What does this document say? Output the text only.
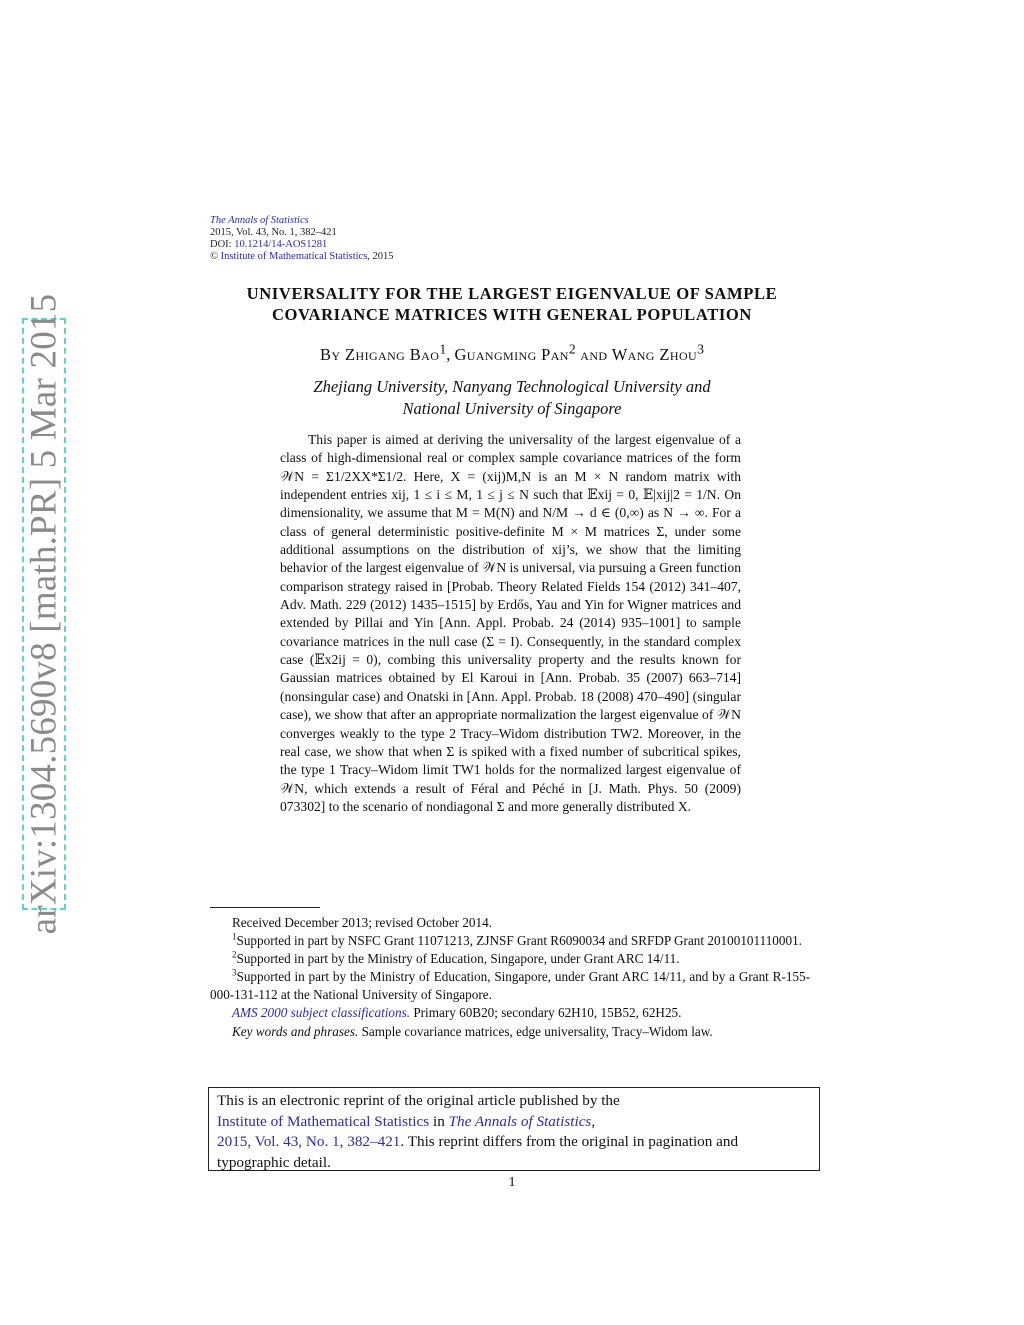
arXiv:1304.5690v8 [math.PR] 5 Mar 2015
The Annals of Statistics
2015, Vol. 43, No. 1, 382–421
DOI: 10.1214/14-AOS1281
© Institute of Mathematical Statistics, 2015
UNIVERSALITY FOR THE LARGEST EIGENVALUE OF SAMPLE
COVARIANCE MATRICES WITH GENERAL POPULATION
By Zhigang Bao$^1$, Guangming Pan$^2$ and Wang Zhou$^3$
Zhejiang University, Nanyang Technological University and
National University of Singapore
This paper is aimed at deriving the universality of the largest eigenvalue of a class of high-dimensional real or complex sample covariance matrices of the form 𝒲N = Σ1/2XX*Σ1/2. Here, X = (xij)M,N is an M × N random matrix with independent entries xij, 1 ≤ i ≤ M, 1 ≤ j ≤ N such that 𝔼xij = 0, 𝔼|xij|2 = 1/N. On dimensionality, we assume that M = M(N) and N/M → d ∈ (0,∞) as N → ∞. For a class of general deterministic positive-definite M × M matrices Σ, under some additional assumptions on the distribution of xij’s, we show that the limiting behavior of the largest eigenvalue of 𝒲N is universal, via pursuing a Green function comparison strategy raised in [Probab. Theory Related Fields 154 (2012) 341–407, Adv. Math. 229 (2012) 1435–1515] by Erdős, Yau and Yin for Wigner matrices and extended by Pillai and Yin [Ann. Appl. Probab. 24 (2014) 935–1001] to sample covariance matrices in the null case (Σ = I). Consequently, in the standard complex case (𝔼x2ij = 0), combing this universality property and the results known for Gaussian matrices obtained by El Karoui in [Ann. Probab. 35 (2007) 663–714] (nonsingular case) and Onatski in [Ann. Appl. Probab. 18 (2008) 470–490] (singular case), we show that after an appropriate normalization the largest eigenvalue of 𝒲N converges weakly to the type 2 Tracy–Widom distribution TW2. Moreover, in the real case, we show that when Σ is spiked with a fixed number of subcritical spikes, the type 1 Tracy–Widom limit TW1 holds for the normalized largest eigenvalue of 𝒲N, which extends a result of Féral and Péché in [J. Math. Phys. 50 (2009) 073302] to the scenario of nondiagonal Σ and more generally distributed X.

Received December 2013; revised October 2014.

$^1$Supported in part by NSFC Grant 11071213, ZJNSF Grant R6090034 and SRFDP Grant 20100101110001.

$^2$Supported in part by the Ministry of Education, Singapore, under Grant ARC 14/11.

$^3$Supported in part by the Ministry of Education, Singapore, under Grant ARC 14/11, and by a Grant R-155-000-131-112 at the National University of Singapore.

AMS 2000 subject classifications. Primary 60B20; secondary 62H10, 15B52, 62H25.

Key words and phrases. Sample covariance matrices, edge universality, Tracy–Widom law.

This is an electronic reprint of the original article published by the
Institute of Mathematical Statistics in The Annals of Statistics,
2015, Vol. 43, No. 1, 382–421. This reprint differs from the original in pagination and typographic detail.
1
